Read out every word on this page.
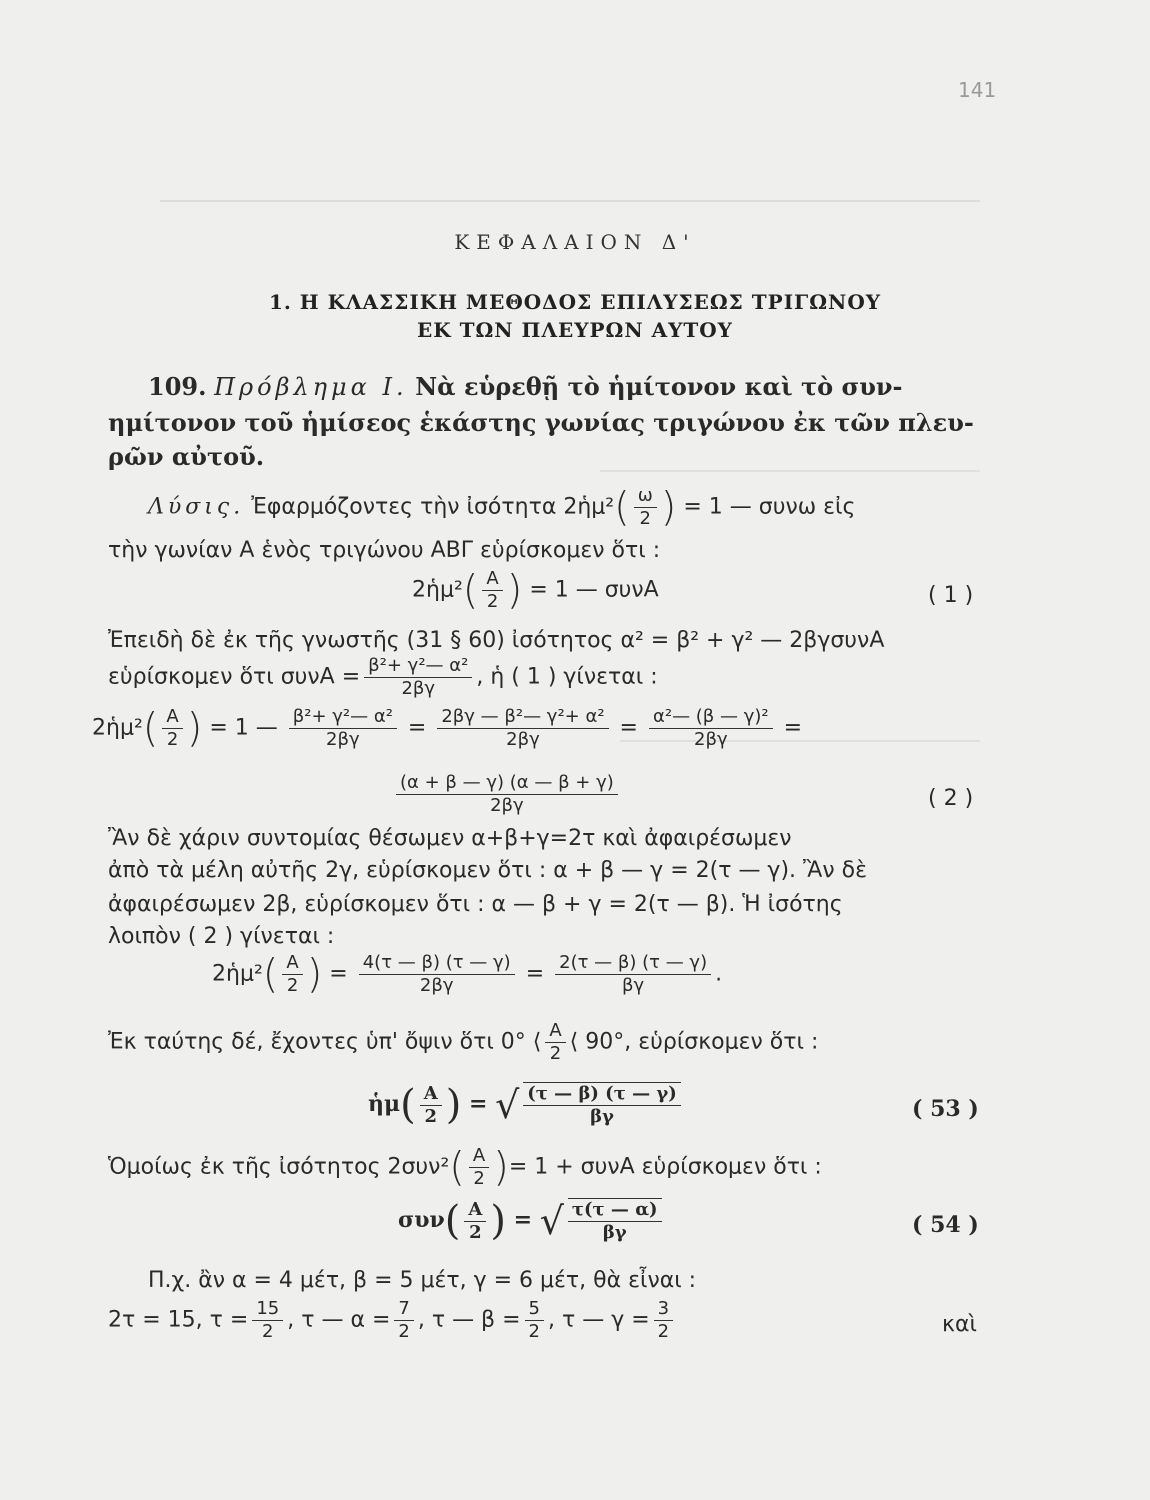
141
ΚΕΦΑΛΑΙΟΝ Δ'
1. Η ΚΛΑΣΣΙΚΗ ΜΕΘΟΔΟΣ ΕΠΙΛΥΣΕΩΣ ΤΡΙΓΩΝΟΥ
ΕΚ ΤΩΝ ΠΛΕΥΡΩΝ ΑΥΤΟΥ
109. Πρόβλημα Ι. Νὰ εὑρεθῇ τὸ ἡμίτονον καὶ τὸ συν-
ημίτονον τοῦ ἡμίσεος ἑκάστης γωνίας τριγώνου ἐκ τῶν πλευ-
ρῶν αὐτοῦ.
Λύσις. Ἐφαρμόζοντες τὴν ἰσότητα 2ἡμ²( $\frac{\omega}{2}$ ) = 1 — συνω εἰς
τὴν γωνίαν Α ἑνὸς τριγώνου ΑΒΓ εὑρίσκομεν ὅτι :
2ἡμ²( $\frac{A}{2}$ ) = 1 — συνΑ	( 1 )
Ἐπειδὴ δὲ ἐκ τῆς γνωστῆς (31 § 60) ἰσότητος α² = β² + γ² — 2βγσυνΑ
εὑρίσκομεν ὅτι $\sigma\upsilon\nu A = \frac{\text{β²+ γ²— α²}}{2\beta\gamma}$ , ἡ ( 1 ) γίνεται :
2ἡμ²( $\frac{A}{2}$ ) = 1 — $\frac{\text{β²+ γ²— α²}}{2\beta\gamma} = \frac{\text{2βγ — β²— γ²+ α²}}{2\beta\gamma} = \frac{\text{α²— (β — γ)²}}{2\beta\gamma}$ =
$\frac{(\alpha + \beta — \gamma) (\alpha — \beta + \gamma)}{2\beta\gamma}$	( 2 )
Ἂν δὲ χάριν συντομίας θέσωμεν α+β+γ=2τ καὶ ἀφαιρέσωμεν
ἀπὸ τὰ μέλη αὐτῆς 2γ, εὑρίσκομεν ὅτι : α + β — γ = 2(τ — γ). Ἂν δὲ
ἀφαιρέσωμεν 2β, εὑρίσκομεν ὅτι : α — β + γ = 2(τ — β). Ἡ ἰσότης
λοιπὸν ( 2 ) γίνεται :
2ἡμ²( $\frac{A}{2}$ ) = $\frac{4(\tau — \beta) (\tau — \gamma)}{2\beta\gamma} = \frac{2(\tau — \beta) (\tau — \gamma)}{\beta\gamma}$ .
Ἐκ ταύτης δέ, ἔχοντες ὑπ' ὄψιν ὅτι 0° ⟨ $\frac{A}{2}$ ⟨ 90°, εὑρίσκομεν ὅτι :
ἡμ( $\frac{A}{2}$ ) = √ $\frac{(\tau — \beta) (\tau — \gamma)}{\beta\gamma}$	( 53 )
Ὁμοίως ἐκ τῆς ἰσότητος $2\sigma\upsilon\nu^2( \frac{A}{2}$ )= 1 + συνΑ εὑρίσκομεν ὅτι :
$\sigma\upsilon\nu( \frac{A}{2}$ ) = √ $\frac{\tau(\tau — \alpha)}{\beta\gamma}$	( 54 )
Π.χ. ἂν α = 4 μέτ, β = 5 μέτ, γ = 6 μέτ, θὰ εἶναι :
2τ = 15, $\tau = \frac{15}{2}$ , τ — $\alpha = \frac{7}{2}$ , τ — $\beta = \frac{5}{2}$ , τ — $\gamma = \frac{3}{2}$	καὶ
